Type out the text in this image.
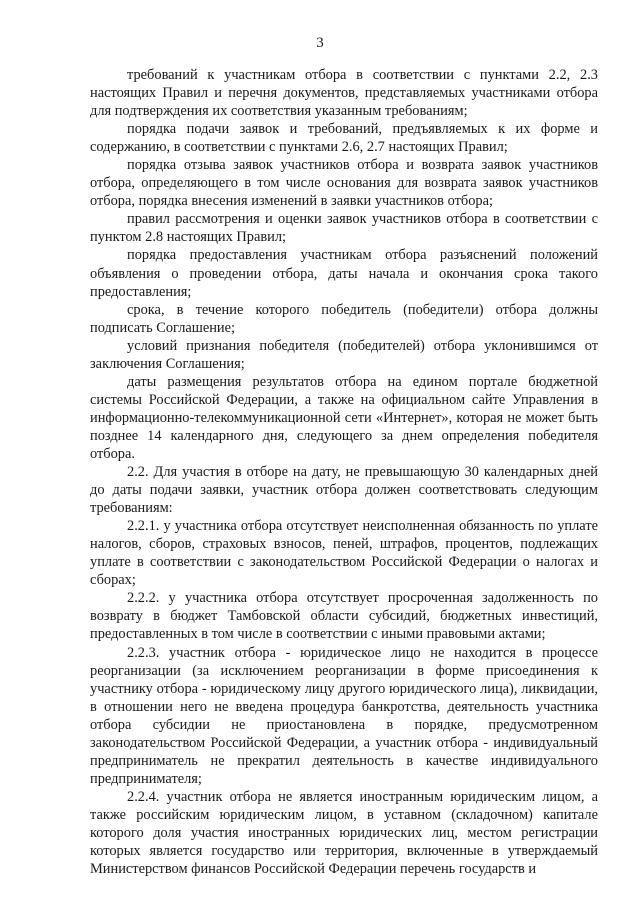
3

требований к участникам отбора в соответствии с пунктами 2.2, 2.3 настоящих Правил и перечня документов, представляемых участниками отбора для подтверждения их соответствия указанным требованиям;

порядка подачи заявок и требований, предъявляемых к их форме и содержанию, в соответствии с пунктами 2.6, 2.7 настоящих Правил;

порядка отзыва заявок участников отбора и возврата заявок участников отбора, определяющего в том числе основания для возврата заявок участников отбора, порядка внесения изменений в заявки участников отбора;

правил рассмотрения и оценки заявок участников отбора в соответствии с пунктом 2.8 настоящих Правил;

порядка предоставления участникам отбора разъяснений положений объявления о проведении отбора, даты начала и окончания срока такого предоставления;

срока, в течение которого победитель (победители) отбора должны подписать Соглашение;

условий признания победителя (победителей) отбора уклонившимся от заключения Соглашения;

даты размещения результатов отбора на едином портале бюджетной системы Российской Федерации, а также на официальном сайте Управления в информационно-телекоммуникационной сети «Интернет», которая не может быть позднее 14 календарного дня, следующего за днем определения победителя отбора.

2.2. Для участия в отборе на дату, не превышающую 30 календарных дней до даты подачи заявки, участник отбора должен соответствовать следующим требованиям:

2.2.1. у участника отбора отсутствует неисполненная обязанность по уплате налогов, сборов, страховых взносов, пеней, штрафов, процентов, подлежащих уплате в соответствии с законодательством Российской Федерации о налогах и сборах;

2.2.2. у участника отбора отсутствует просроченная задолженность по возврату в бюджет Тамбовской области субсидий, бюджетных инвестиций, предоставленных в том числе в соответствии с иными правовыми актами;

2.2.3. участник отбора - юридическое лицо не находится в процессе реорганизации (за исключением реорганизации в форме присоединения к участнику отбора - юридическому лицу другого юридического лица), ликвидации, в отношении него не введена процедура банкротства, деятельность участника отбора субсидии не приостановлена в порядке, предусмотренном законодательством Российской Федерации, а участник отбора - индивидуальный предприниматель не прекратил деятельность в качестве индивидуального предпринимателя;

2.2.4. участник отбора не является иностранным юридическим лицом, а также российским юридическим лицом, в уставном (складочном) капитале которого доля участия иностранных юридических лиц, местом регистрации которых является государство или территория, включенные в утверждаемый Министерством финансов Российской Федерации перечень государств и
